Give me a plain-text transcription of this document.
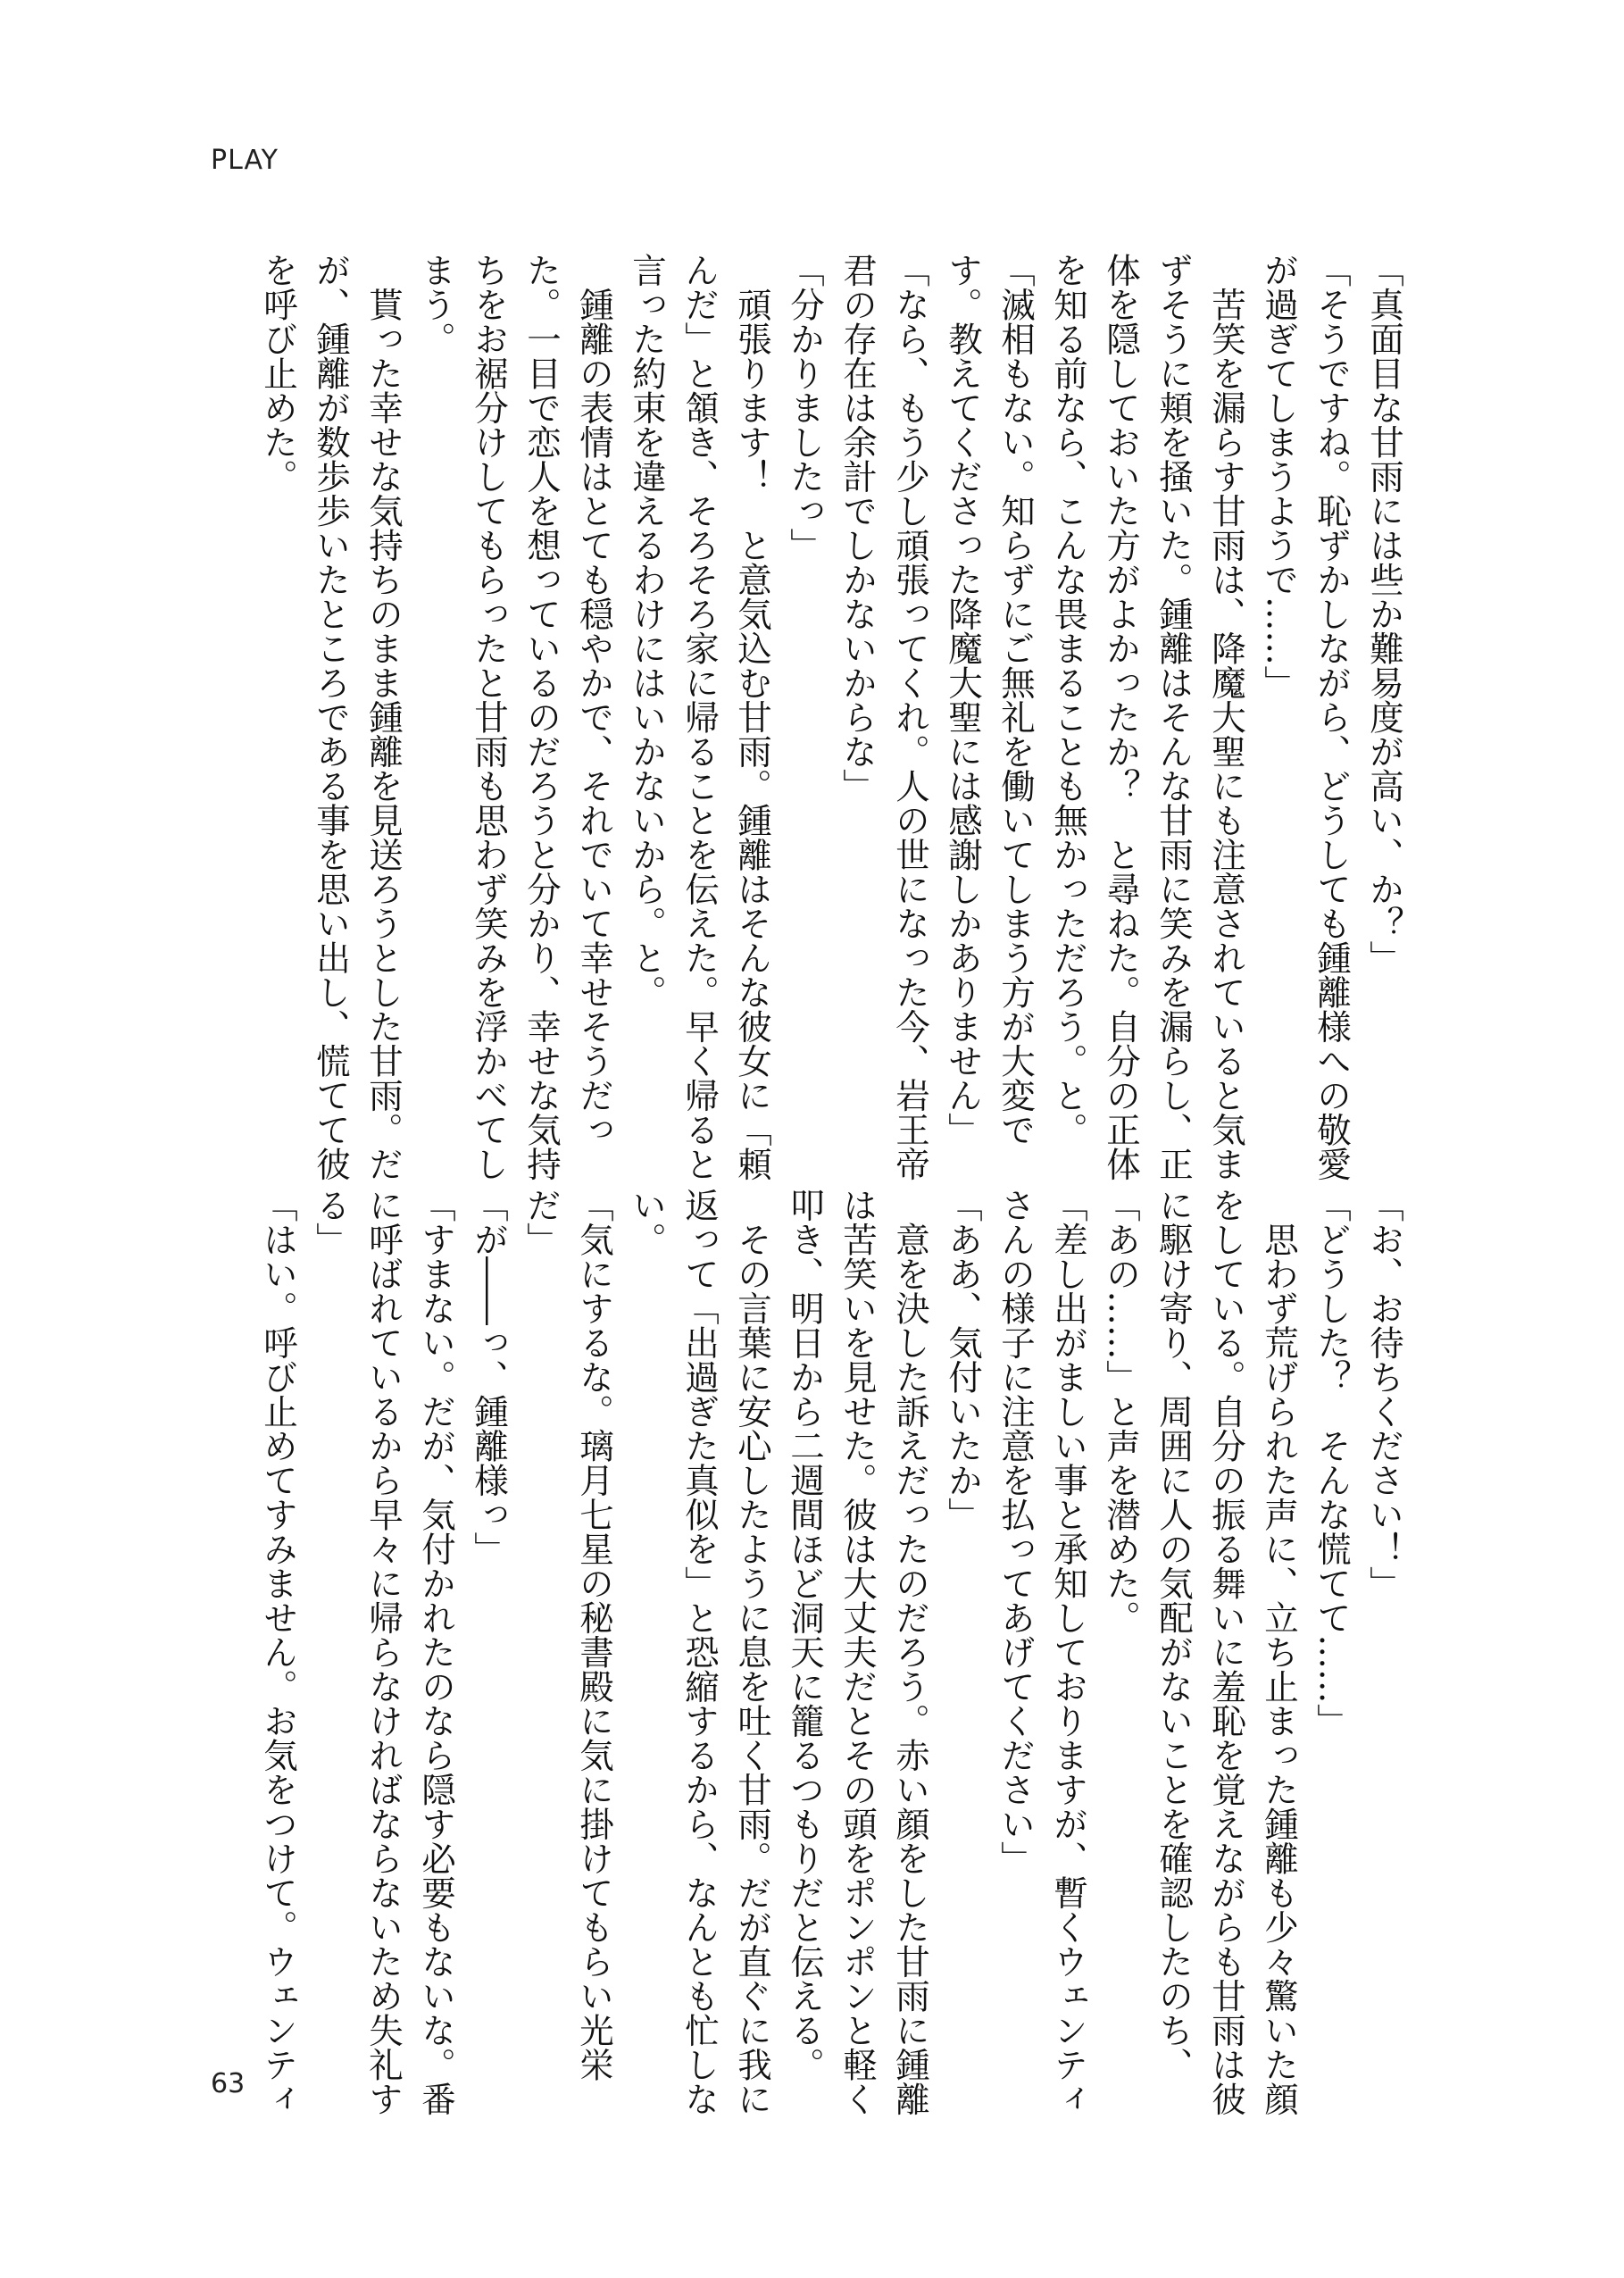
PLAY
「真面目な甘雨には些か難易度が高い、か？」
「そうですね。恥ずかしながら、どうしても鍾離様への敬愛
が過ぎてしまうようで……」
　苦笑を漏らす甘雨は、降魔大聖にも注意されていると気ま
ずそうに頬を掻いた。鍾離はそんな甘雨に笑みを漏らし、正
体を隠しておいた方がよかったか？　と尋ねた。自分の正体
を知る前なら、こんな畏まることも無かっただろう。と。
「滅相もない。知らずにご無礼を働いてしまう方が大変で
す。教えてくださった降魔大聖には感謝しかありません」
「なら、もう少し頑張ってくれ。人の世になった今、岩王帝
君の存在は余計でしかないからな」
「分かりましたっ」
　頑張ります！　と意気込む甘雨。鍾離はそんな彼女に「頼
んだ」と頷き、そろそろ家に帰ることを伝えた。早く帰ると
言った約束を違えるわけにはいかないから。と。
　鍾離の表情はとても穏やかで、それでいて幸せそうだっ
た。一目で恋人を想っているのだろうと分かり、幸せな気持
ちをお裾分けしてもらったと甘雨も思わず笑みを浮かべてし
まう。
　貰った幸せな気持ちのまま鍾離を見送ろうとした甘雨。だ
が、鍾離が数歩歩いたところである事を思い出し、慌てて彼
を呼び止めた。
「お、お待ちください！」
「どうした？　そんな慌てて……」
　思わず荒げられた声に、立ち止まった鍾離も少々驚いた顔
をしている。自分の振る舞いに羞恥を覚えながらも甘雨は彼
に駆け寄り、周囲に人の気配がないことを確認したのち、
「あの……」と声を潜めた。
「差し出がましい事と承知しておりますが、暫くウェンティ
さんの様子に注意を払ってあげてください」
「ああ、気付いたか」
　意を決した訴えだったのだろう。赤い顔をした甘雨に鍾離
は苦笑いを見せた。彼は大丈夫だとその頭をポンポンと軽く
叩き、明日から二週間ほど洞天に籠るつもりだと伝える。
　その言葉に安心したように息を吐く甘雨。だが直ぐに我に
返って「出過ぎた真似を」と恐縮するから、なんとも忙しな
い。
「気にするな。璃月七星の秘書殿に気に掛けてもらい光栄
だ」
「が――っ、鍾離様っ」
「すまない。だが、気付かれたのなら隠す必要もないな。番
に呼ばれているから早々に帰らなければならないため失礼す
る」
「はい。呼び止めてすみません。お気をつけて。ウェンティ
63
